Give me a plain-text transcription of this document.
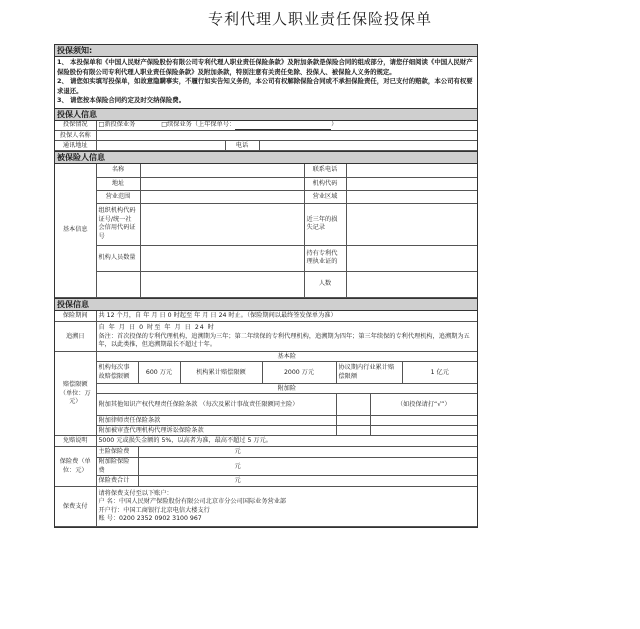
专利代理人职业责任保险投保单
投保须知:
1、 本投保单和《中国人民财产保险股份有限公司专利代理人职业责任保险条款》及附加条款是保险合同的组成部分，请您仔细阅读《中国人民财产保险股份有限公司专利代理人职业责任保险条款》及附加条款，特别注意有关责任免除、投保人、被保险人义务的规定。
2、 请您如实填写投保单，如故意隐瞒事实，不履行如实告知义务的，本公司有权解除保险合同或不承担保险责任，对已支付的赔款，本公司有权要求退还。
3、 请您按本保险合同约定及时交纳保险费。
投保人信息
投保情况	□新投保业务 □续保业务（上年保单号： ）		
投保人名称			
通讯地址		电话	
被保险人信息
基本信息	名称		联系电话	
	地址		机构代码	
	营业范围		营业区域	
	组织机构代码证号/统一社会信用代码证号		近三年的损失记录	
	机构人员数量		持有专利代理执业证的	
			人数	
投保信息
保险期间	共 12 个月，自 年 月 日 0 时起至 年 月 日 24 时止。（保险期间以最终签发保单为准）						
追溯日	自 年 月 日 0 时至 年 月 日 24 时
备注：首次投保的专利代理机构，追溯期为三年；第二年续保的专利代理机构，追溯期为四年；第三年续保的专利代理机构，追溯期为五年，以此类推，但追溯期最长不超过十年。						

赔偿限额（单位：万元）	基本险						
	机构每次事故赔偿限额	600 万元	机构累计赔偿限额	2000 万元	协议期内行业累计赔偿限额		1 亿元
	附加险						
	附加其他知识产权代理责任保险条款 （每次及累计事故责任限额同主险）					（如投保请打“√”）	
	附加律师责任保险条款						
	附加被审查代理机构代理诉讼保险条款						
免赔说明	5000 元或损失金额的 5%，以高者为准，最高不超过 5 万元。						
保险费（单位：元）	主险保险费	元					
	附加险保险费	元					
	保险费合计	元					
保费支付	请将保费支付至以下账户：
户 名：中国人民财产保险股份有限公司北京市分公司国际业务营业部
开户行：中国工商银行北京电信大楼支行
账 号：0200 2352 0902 3100 967						
